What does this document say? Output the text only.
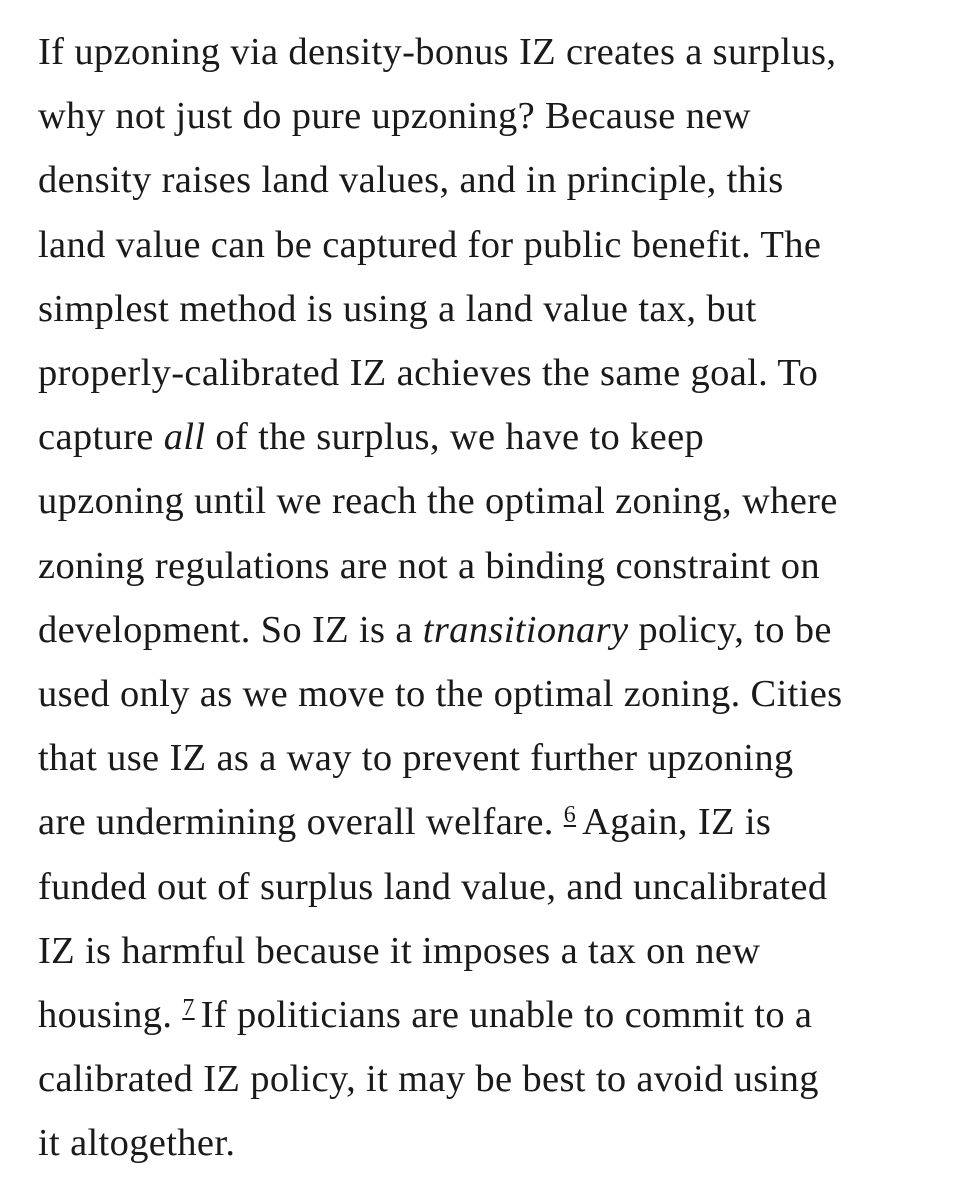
If upzoning via density-bonus IZ creates a surplus,
why not just do pure upzoning? Because new
density raises land values, and in principle, this
land value can be captured for public benefit. The
simplest method is using a land value tax, but
properly-calibrated IZ achieves the same goal. To
capture all of the surplus, we have to keep
upzoning until we reach the optimal zoning, where
zoning regulations are not a binding constraint on
development. So IZ is a transitionary policy, to be
used only as we move to the optimal zoning. Cities
that use IZ as a way to prevent further upzoning
are undermining overall welfare. $^6$ Again, IZ is
funded out of surplus land value, and uncalibrated
IZ is harmful because it imposes a tax on new
housing. $^7$ If politicians are unable to commit to a
calibrated IZ policy, it may be best to avoid using
it altogether.
